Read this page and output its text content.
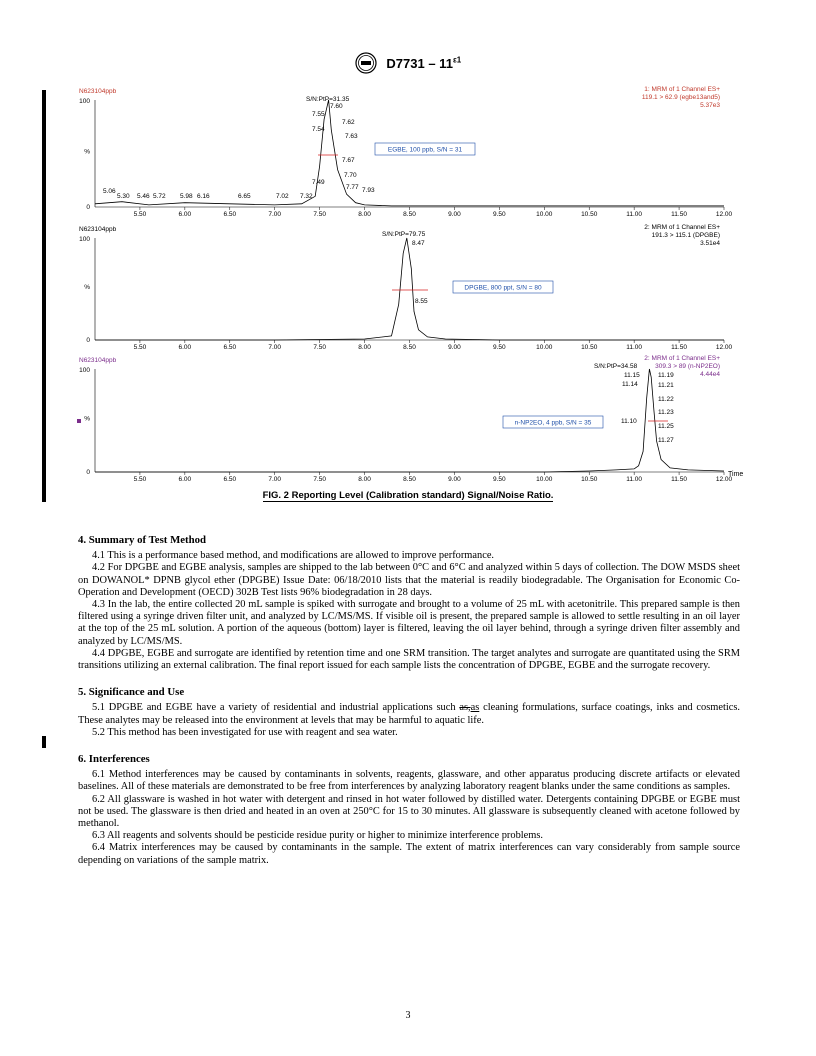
$D7731 - 11^{\varepsilon 1}$
N623104ppb
100
0
%
5.50	6.00	6.50	7.00	7.50	8.00	8.50	9.00	9.50	10.00	10.50	11.00	11.50	12.00
1: MRM of 1 Channel ES+
119.1 > 62.9 (egbe13and5)
5.37e3
S/N:PtP=31.35
7.60
7.55
7.62
7.54
7.63
7.67
7.70
7.49
7.77 7.93
5.06
5.30 5.46 5.72 5.98 6.16	6.65	7.02 7.32
EGBE, 100 ppb, S/N = 31
N623104ppb
100
0
%
5.50	6.00	6.50	7.00	7.50	8.00	8.50	9.00	9.50	10.00	10.50	11.00	11.50	12.00
2: MRM of 1 Channel ES+
191.3 > 115.1 (DPGBE)
3.51e4
S/N:PtP=79.75
8.47
8.55
DPGBE, 800 ppt, S/N = 80
N623104ppb
100
0
%
5.50	6.00	6.50	7.00	7.50	8.00	8.50	9.00	9.50	10.00	10.50	11.00	11.50	12.00
Time
2: MRM of 1 Channel ES+
309.3 > 89 (n-NP2EO)
4.44e4
S/N:PtP=34.58
11.15	11.19
11.14	11.21
11.22
11.23
11.10
11.25
11.27
n-NP2EO, 4 ppb, S/N = 35
FIG. 2 Reporting Level (Calibration standard) Signal/Noise Ratio.
4. Summary of Test Method

4.1 This is a performance based method, and modifications are allowed to improve performance.

4.2 For DPGBE and EGBE analysis, samples are shipped to the lab between 0°C and 6°C and analyzed within 5 days of collection. The DOW MSDS sheet on DOWANOL* DPNB glycol ether (DPGBE) Issue Date: 06/18/2010 lists that the material is readily biodegradable. The Organisation for Economic Co-Operation and Development (OECD) 302B Test lists 96% biodegradation in 28 days.

4.3 In the lab, the entire collected 20 mL sample is spiked with surrogate and brought to a volume of 25 mL with acetonitrile. This prepared sample is then filtered using a syringe driven filter unit, and analyzed by LC/MS/MS. If visible oil is present, the prepared sample is allowed to settle resulting in an oil layer at the top of the 25 mL solution. A portion of the aqueous (bottom) layer is filtered, leaving the oil layer behind, through a syringe driven filter assembly and analyzed by LC/MS/MS.

4.4 DPGBE, EGBE and surrogate are identified by retention time and one SRM transition. The target analytes and surrogate are quantitated using the SRM transitions utilizing an external calibration. The final report issued for each sample lists the concentration of DPGBE, EGBE and the surrogate recovery.

5. Significance and Use

5.1 DPGBE and EGBE have a variety of residential and industrial applications such as,as cleaning formulations, surface coatings, inks and cosmetics. These analytes may be released into the environment at levels that may be harmful to aquatic life.

5.2 This method has been investigated for use with reagent and sea water.

6. Interferences

6.1 Method interferences may be caused by contaminants in solvents, reagents, glassware, and other apparatus producing discrete artifacts or elevated baselines. All of these materials are demonstrated to be free from interferences by analyzing laboratory reagent blanks under the same conditions as samples.

6.2 All glassware is washed in hot water with detergent and rinsed in hot water followed by distilled water. Detergents containing DPGBE or EGBE must not be used. The glassware is then dried and heated in an oven at 250°C for 15 to 30 minutes. All glassware is subsequently cleaned with acetone followed by methanol.

6.3 All reagents and solvents should be pesticide residue purity or higher to minimize interference problems.

6.4 Matrix interferences may be caused by contaminants in the sample. The extent of matrix interferences can vary considerably from sample source depending on variations of the sample matrix.

3
